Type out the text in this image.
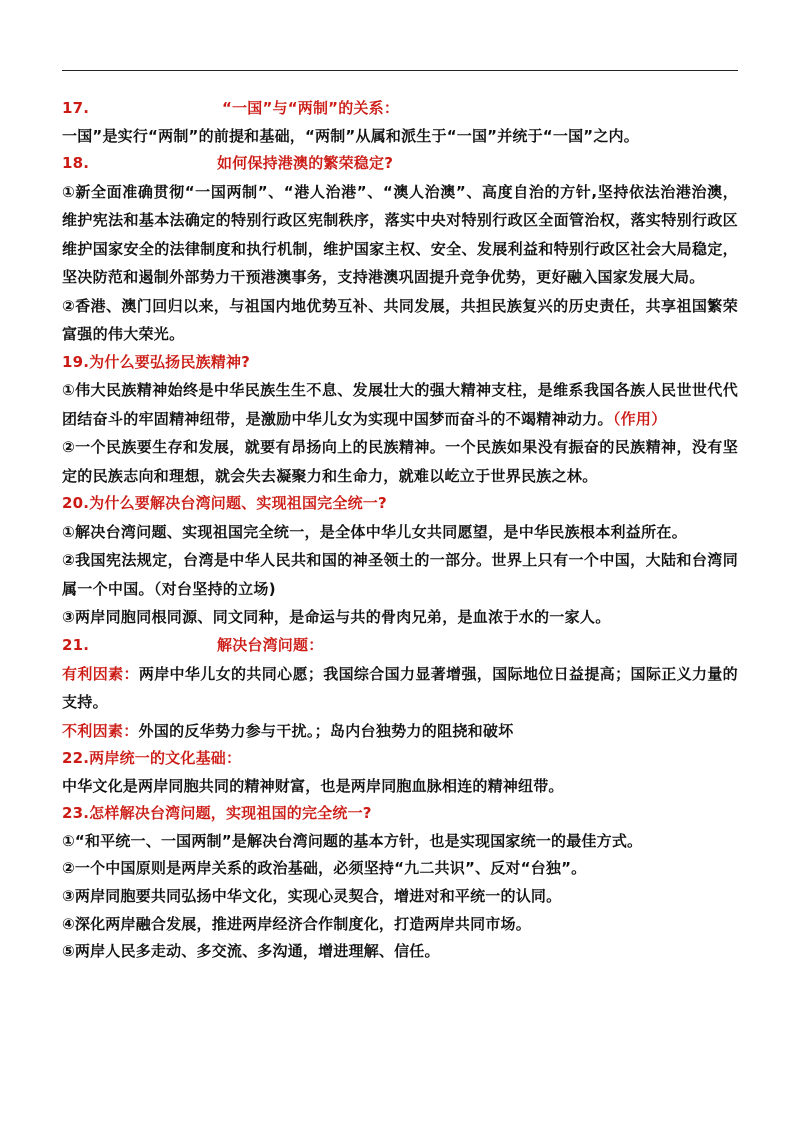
17.	“一国”与“两制”的关系：
一国”是实行“两制”的前提和基础，“两制”从属和派生于“一国”并统于“一国”之内。
18.	如何保持港澳的繁荣稳定?
①新全面准确贯彻“一国两制”、“港人治港”、“澳人治澳”、高度自治的方针,坚持依法治港治澳，维护宪法和基本法确定的特别行政区宪制秩序，落实中央对特别行政区全面管治权，落实特别行政区维护国家安全的法律制度和执行机制，维护国家主权、安全、发展利益和特别行政区社会大局稳定，坚决防范和遏制外部势力干预港澳事务，支持港澳巩固提升竞争优势，更好融入国家发展大局。
②香港、澳门回归以来，与祖国内地优势互补、共同发展，共担民族复兴的历史责任，共享祖国繁荣富强的伟大荣光。
19.为什么要弘扬民族精神?
①伟大民族精神始终是中华民族生生不息、发展壮大的强大精神支柱，是维系我国各族人民世世代代团结奋斗的牢固精神纽带，是激励中华儿女为实现中国梦而奋斗的不竭精神动力。（作用）
②一个民族要生存和发展，就要有昂扬向上的民族精神。一个民族如果没有振奋的民族精神，没有坚定的民族志向和理想，就会失去凝聚力和生命力，就难以屹立于世界民族之林。
20.为什么要解决台湾问题、实现祖国完全统一?
①解决台湾问题、实现祖国完全统一，是全体中华儿女共同愿望，是中华民族根本利益所在。
②我国宪法规定，台湾是中华人民共和国的神圣领土的一部分。世界上只有一个中国，大陆和台湾同属一个中国。（对台坚持的立场)
③两岸同胞同根同源、同文同种，是命运与共的骨肉兄弟，是血浓于水的一家人。
21.	解决台湾问题：
有利因素：两岸中华儿女的共同心愿；我国综合国力显著增强，国际地位日益提高；国际正义力量的支持。
不利因素：外国的反华势力参与干扰。；岛内台独势力的阻挠和破坏
22.两岸统一的文化基础：
中华文化是两岸同胞共同的精神财富，也是两岸同胞血脉相连的精神纽带。
23.怎样解决台湾问题，实现祖国的完全统一?
①“和平统一、一国两制”是解决台湾问题的基本方针，也是实现国家统一的最佳方式。
②一个中国原则是两岸关系的政治基础，必须坚持“九二共识”、反对“台独”。
③两岸同胞要共同弘扬中华文化，实现心灵契合，增进对和平统一的认同。
④深化两岸融合发展，推进两岸经济合作制度化，打造两岸共同市场。
⑤两岸人民多走动、多交流、多沟通，增进理解、信任。
